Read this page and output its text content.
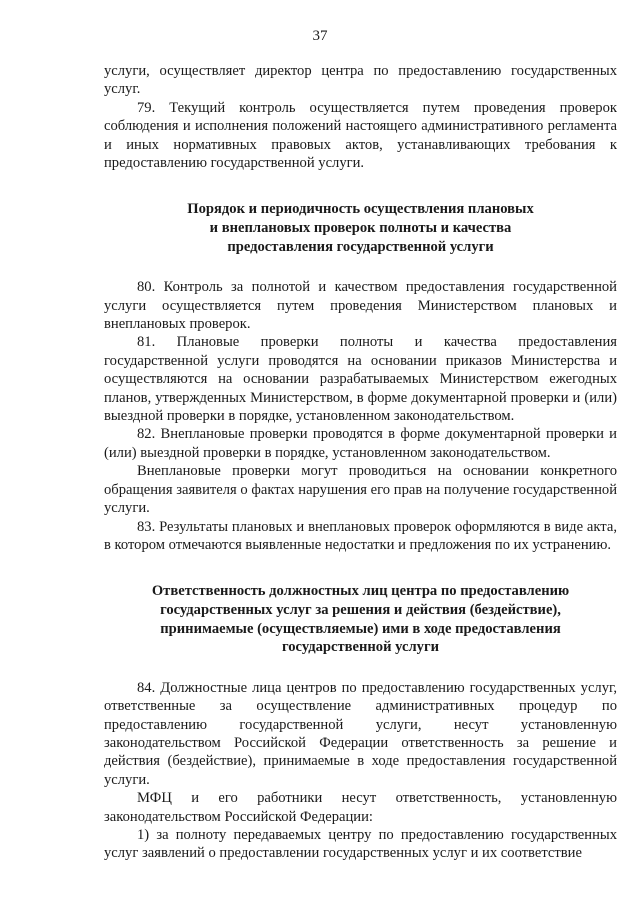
37

услуги, осуществляет директор центра по предоставлению государственных услуг.

79. Текущий контроль осуществляется путем проведения проверок соблюдения и исполнения положений настоящего административного регламента и иных нормативных правовых актов, устанавливающих требования к предоставлению государственной услуги.

Порядок и периодичность осуществления плановых
и внеплановых проверок полноты и качества
предоставления государственной услуги

80. Контроль за полнотой и качеством предоставления государственной услуги осуществляется путем проведения Министерством плановых и внеплановых проверок.

81. Плановые проверки полноты и качества предоставления государственной услуги проводятся на основании приказов Министерства и осуществляются на основании разрабатываемых Министерством ежегодных планов, утвержденных Министерством, в форме документарной проверки и (или) выездной проверки в порядке, установленном законодательством.

82. Внеплановые проверки проводятся в форме документарной проверки и (или) выездной проверки в порядке, установленном законодательством.

Внеплановые проверки могут проводиться на основании конкретного обращения заявителя о фактах нарушения его прав на получение государственной услуги.

83. Результаты плановых и внеплановых проверок оформляются в виде акта, в котором отмечаются выявленные недостатки и предложения по их устранению.

Ответственность должностных лиц центра по предоставлению
государственных услуг за решения и действия (бездействие),
принимаемые (осуществляемые) ими в ходе предоставления
государственной услуги

84. Должностные лица центров по предоставлению государственных услуг, ответственные за осуществление административных процедур по предоставлению государственной услуги, несут установленную законодательством Российской Федерации ответственность за решение и действия (бездействие), принимаемые в ходе предоставления государственной услуги.

МФЦ и его работники несут ответственность, установленную законодательством Российской Федерации:

1) за полноту передаваемых центру по предоставлению государственных услуг заявлений о предоставлении государственных услуг и их соответствие
